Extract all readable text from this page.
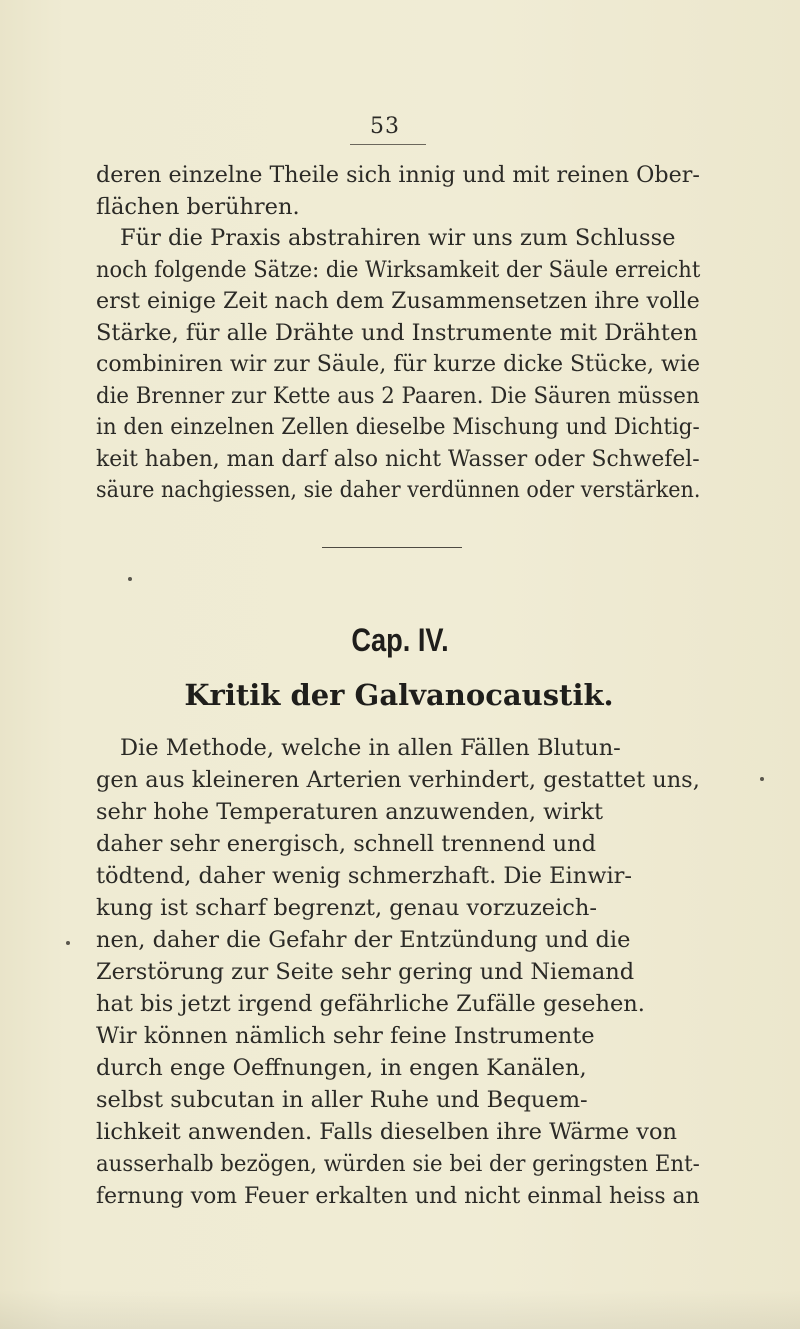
53
deren einzelne Theile sich innig und mit reinen Ober-
flächen berühren.
Für die Praxis abstrahiren wir uns zum Schlusse
noch folgende Sätze: die Wirksamkeit der Säule erreicht
erst einige Zeit nach dem Zusammensetzen ihre volle
Stärke, für alle Drähte und Instrumente mit Drähten
combiniren wir zur Säule, für kurze dicke Stücke, wie
die Brenner zur Kette aus 2 Paaren. Die Säuren müssen
in den einzelnen Zellen dieselbe Mischung und Dichtig-
keit haben, man darf also nicht Wasser oder Schwefel-
säure nachgiessen, sie daher verdünnen oder verstärken.
Cap. IV.
Kritik der Galvanocaustik.
Die Methode, welche in allen Fällen Blutun-
gen aus kleineren Arterien verhindert, gestattet uns,
sehr hohe Temperaturen anzuwenden, wirkt
daher sehr energisch, schnell trennend und
tödtend, daher wenig schmerzhaft. Die Einwir-
kung ist scharf begrenzt, genau vorzuzeich-
nen, daher die Gefahr der Entzündung und die
Zerstörung zur Seite sehr gering und Niemand
hat bis jetzt irgend gefährliche Zufälle gesehen.
Wir können nämlich sehr feine Instrumente
durch enge Oeffnungen, in engen Kanälen,
selbst subcutan in aller Ruhe und Bequem-
lichkeit anwenden. Falls dieselben ihre Wärme von
ausserhalb bezögen, würden sie bei der geringsten Ent-
fernung vom Feuer erkalten und nicht einmal heiss an
